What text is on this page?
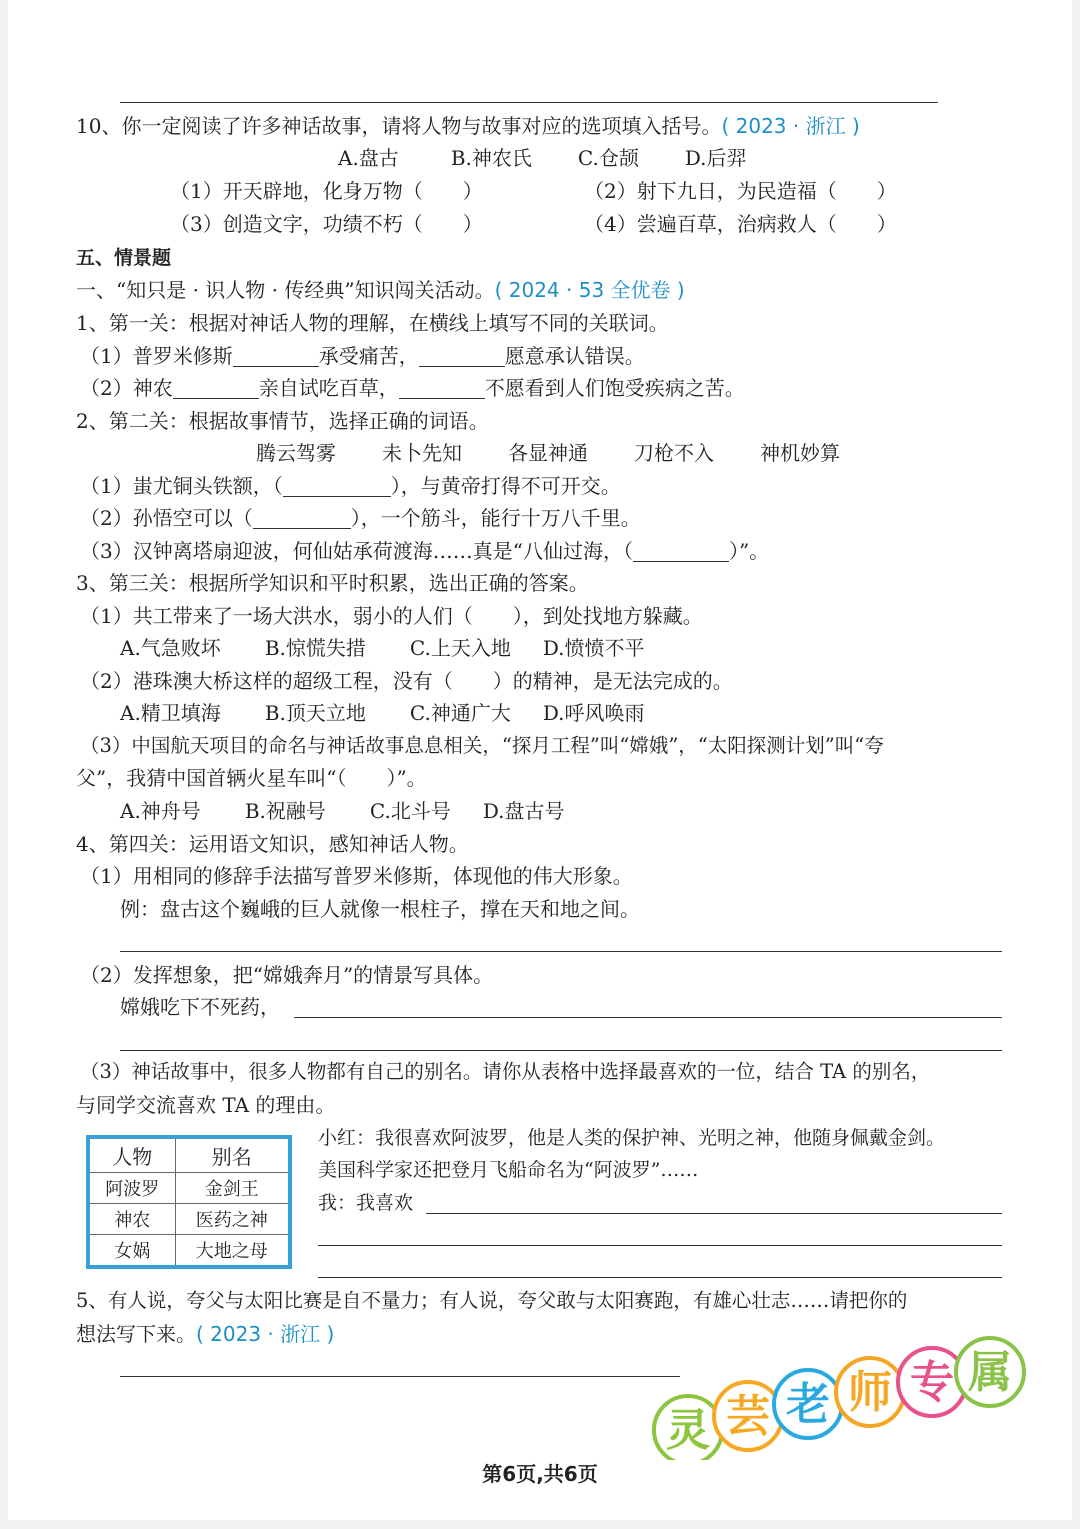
10、你一定阅读了许多神话故事，请将人物与故事对应的选项填入括号。( 2023 · 浙江 )
A.盘古	B.神农氏 C.仓颉 D.后羿
（1）开天辟地，化身万物（ ）	（2）射下九日，为民造福（ ）
（3）创造文字，功绩不朽（ ）	（4）尝遍百草，治病救人（ ）
五、情景题
一、“知只是 · 识人物 · 传经典”知识闯关活动。( 2024 · 53 全优卷 )
1、第一关：根据对神话人物的理解，在横线上填写不同的关联词。
（1）普罗米修斯	承受痛苦，	愿意承认错误。
（2）神农	亲自试吃百草，	不愿看到人们饱受疾病之苦。
2、第二关：根据故事情节，选择正确的词语。
腾云驾雾 未卜先知 各显神通 刀枪不入 神机妙算
（1）蚩尤铜头铁额，（	），与黄帝打得不可开交。
（2）孙悟空可以（	），一个筋斗，能行十万八千里。
（3）汉钟离塔扇迎波，何仙姑承荷渡海……真是“八仙过海，（	）”。
3、第三关：根据所学知识和平时积累，选出正确的答案。
（1）共工带来了一场大洪水，弱小的人们（　　），到处找地方躲藏。
A.气急败坏 B.惊慌失措 C.上天入地 D.愤愤不平
（2）港珠澳大桥这样的超级工程，没有（　　）的精神，是无法完成的。
A.精卫填海 B.顶天立地 C.神通广大 D.呼风唤雨
（3）中国航天项目的命名与神话故事息息相关，“探月工程”叫“嫦娥”，“太阳探测计划”叫“夸
父”，我猜中国首辆火星车叫“（　　）”。
A.神舟号 B.祝融号 C.北斗号 D.盘古号
4、第四关：运用语文知识，感知神话人物。
（1）用相同的修辞手法描写普罗米修斯，体现他的伟大形象。
例：盘古这个巍峨的巨人就像一根柱子，撑在天和地之间。
（2）发挥想象，把“嫦娥奔月”的情景写具体。
嫦娥吃下不死药，
（3）神话故事中，很多人物都有自己的别名。请你从表格中选择最喜欢的一位，结合 TA 的别名，
与同学交流喜欢 TA 的理由。
人物	别名
阿波罗	金剑王
神农	医药之神
女娲	大地之母
小红：我很喜欢阿波罗，他是人类的保护神、光明之神，他随身佩戴金剑。
美国科学家还把登月飞船命名为“阿波罗”……
我：我喜欢
5、有人说，夸父与太阳比赛是自不量力；有人说，夸父敢与太阳赛跑，有雄心壮志……请把你的
想法写下来。( 2023 · 浙江 )
灵 芸 老 师 专 属
第6页,共6页
